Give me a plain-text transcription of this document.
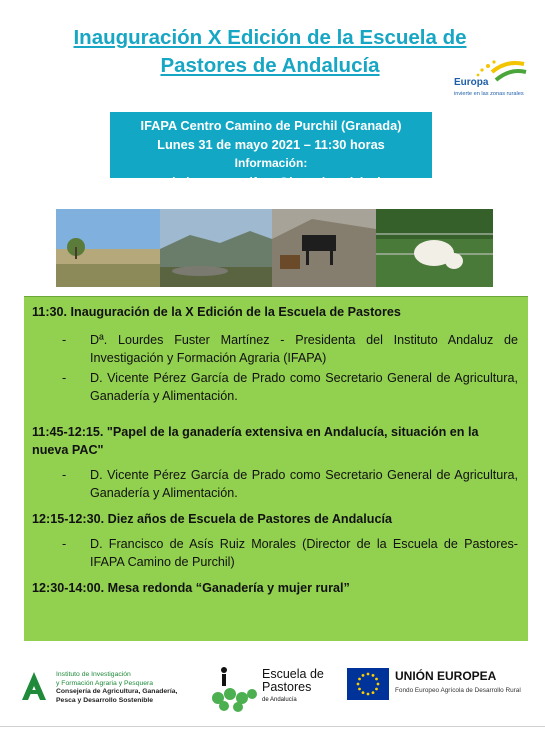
Inauguración X Edición de la Escuela de
Pastores de Andalucía
Europa
invierte en las zonas rurales
IFAPA Centro Camino de Purchil (Granada)
Lunes 31 de mayo 2021 – 11:30 horas
Información: escueladepastores.ifapa@juntadeandalucia.es

11:30. Inauguración de la X Edición de la Escuela de Pastores

- Dª. Lourdes Fuster Martínez - Presidenta del Instituto Andaluz de Investigación y Formación Agraria (IFAPA)
- D. Vicente Pérez García de Prado como Secretario General de Agricultura, Ganadería y Alimentación.

11:45-12:15. "Papel de la ganadería extensiva en Andalucía, situación en la nueva PAC"

- D. Vicente Pérez García de Prado como Secretario General de Agricultura, Ganadería y Alimentación.

12:15-12:30. Diez años de Escuela de Pastores de Andalucía

- D. Francisco de Asís Ruiz Morales (Director de la Escuela de Pastores-IFAPA Camino de Purchil)

12:30-14:00. Mesa redonda “Ganadería y mujer rural”

Instituto de Investigación
y Formación Agraria y Pesquera
Consejería de Agricultura, Ganadería,
Pesca y Desarrollo Sostenible
Escuela de
Pastores
de Andalucía
UNIÓN EUROPEA
Fondo Europeo Agrícola de Desarrollo Rural
